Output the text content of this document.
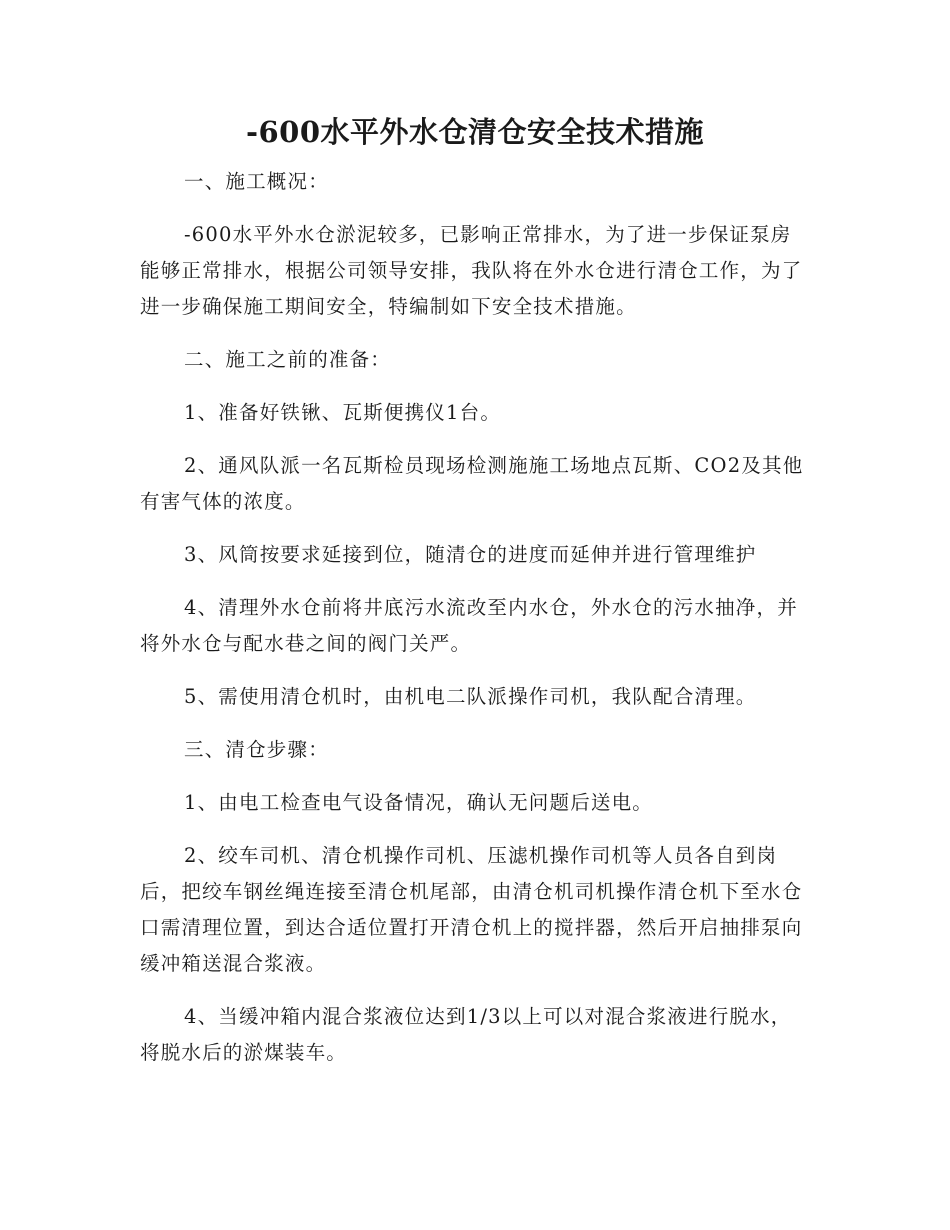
-600水平外水仓清仓安全技术措施

一、施工概况：

-600水平外水仓淤泥较多，已影响正常排水，为了进一步保证泵房能够正常排水，根据公司领导安排，我队将在外水仓进行清仓工作，为了进一步确保施工期间安全，特编制如下安全技术措施。

二、施工之前的准备：

1、准备好铁锹、瓦斯便携仪1台。

2、通风队派一名瓦斯检员现场检测施施工场地点瓦斯、CO2及其他有害气体的浓度。

3、风筒按要求延接到位，随清仓的进度而延伸并进行管理维护

4、清理外水仓前将井底污水流改至内水仓，外水仓的污水抽净，并将外水仓与配水巷之间的阀门关严。

5、需使用清仓机时，由机电二队派操作司机，我队配合清理。

三、清仓步骤：

1、由电工检查电气设备情况，确认无问题后送电。

2、绞车司机、清仓机操作司机、压滤机操作司机等人员各自到岗后，把绞车钢丝绳连接至清仓机尾部，由清仓机司机操作清仓机下至水仓口需清理位置，到达合适位置打开清仓机上的搅拌器，然后开启抽排泵向缓冲箱送混合浆液。

4、当缓冲箱内混合浆液位达到1/3以上可以对混合浆液进行脱水，将脱水后的淤煤装车。
